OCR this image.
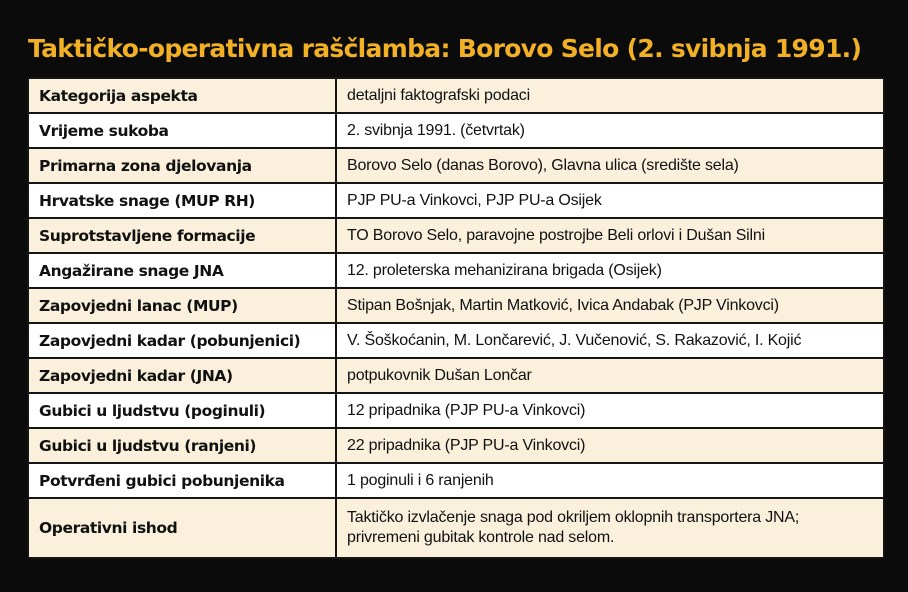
Taktičko-operativna raščlamba: Borovo Selo (2. svibnja 1991.)
Kategorija aspekta	detaljni faktografski podaci
Vrijeme sukoba	2. svibnja 1991. (četvrtak)
Primarna zona djelovanja	Borovo Selo (danas Borovo), Glavna ulica (središte sela)
Hrvatske snage (MUP RH)	PJP PU-a Vinkovci, PJP PU-a Osijek
Suprotstavljene formacije	TO Borovo Selo, paravojne postrojbe Beli orlovi i Dušan Silni
Angažirane snage JNA	12. proleterska mehanizirana brigada (Osijek)
Zapovjedni lanac (MUP)	Stipan Bošnjak, Martin Matković, Ivica Andabak (PJP Vinkovci)
Zapovjedni kadar (pobunjenici)	V. Šoškoćanin, M. Lončarević, J. Vučenović, S. Rakazović, I. Kojić
Zapovjedni kadar (JNA)	potpukovnik Dušan Lončar
Gubici u ljudstvu (poginuli)	12 pripadnika (PJP PU-a Vinkovci)
Gubici u ljudstvu (ranjeni)	22 pripadnika (PJP PU-a Vinkovci)
Potvrđeni gubici pobunjenika	1 poginuli i 6 ranjenih
Operativni ishod	Taktičko izvlačenje snaga pod okriljem oklopnih transportera JNA; privremeni gubitak kontrole nad selom.
